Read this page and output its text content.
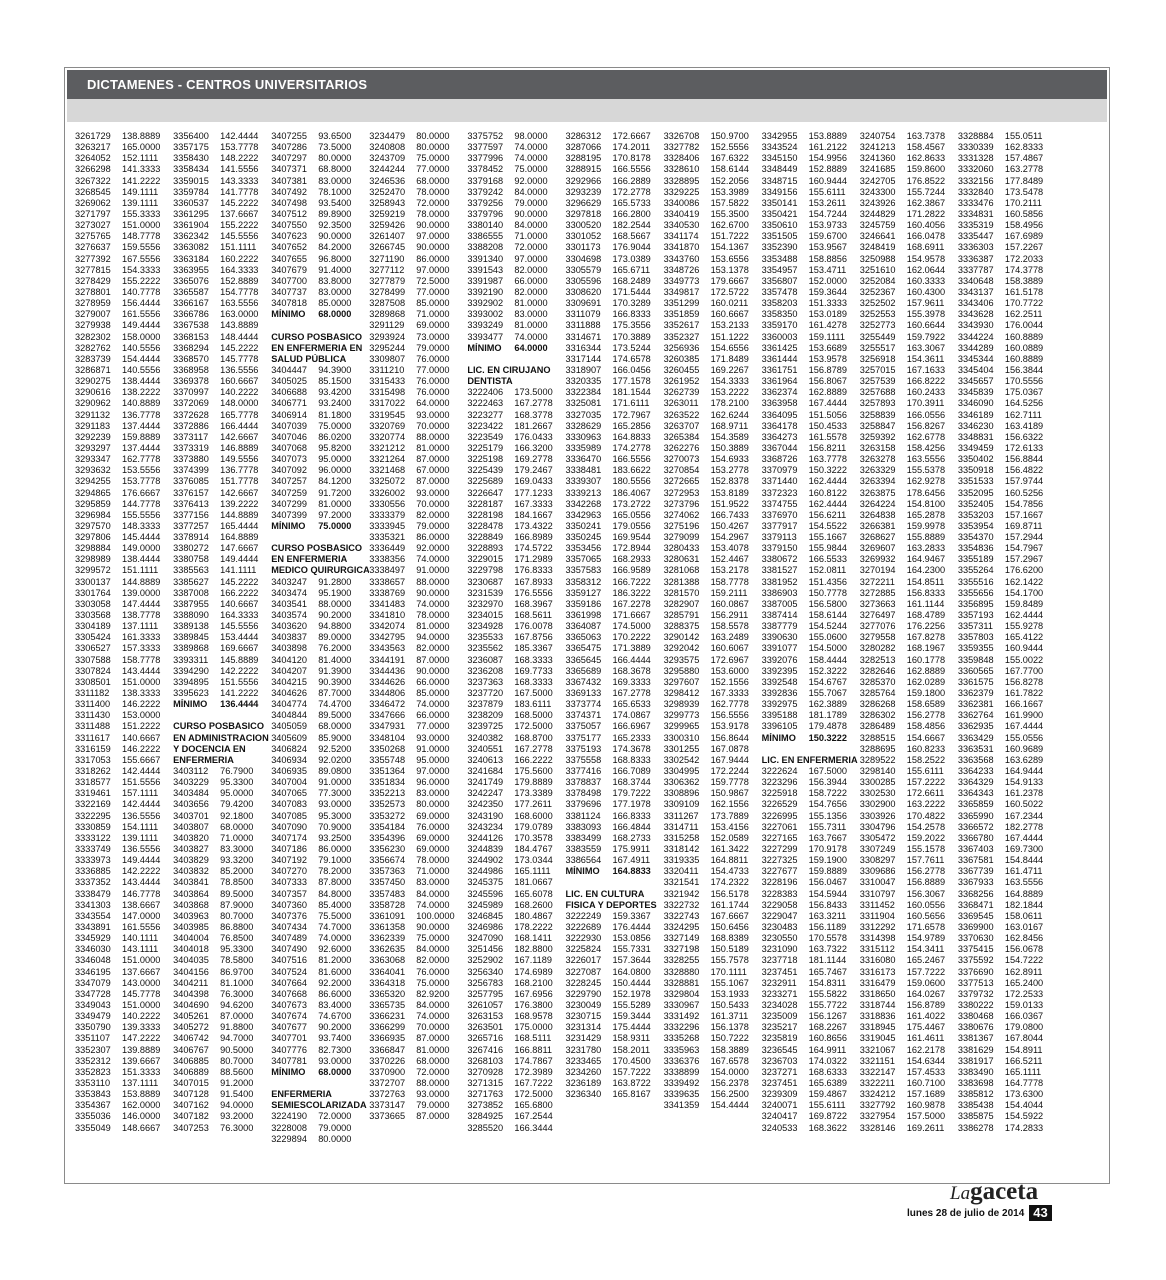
DICTAMENES - CENTROS UNIVERSITARIOS
3261729 138.8889
3263217 165.0000
3264052 152.1111
3266298 141.3333
3267322 141.2222
3268545 149.1111
3269062 139.1111
3271797 155.3333
3273027 151.0000
3275765 148.7778
3276637 159.5556
3277392 167.5556
3277815 154.3333
3278429 155.2222
3278801 140.7778
3278959 156.4444
3279007 161.5556
3279938 149.4444
3282302 158.0000
3282762 140.5556
3283739 154.4444
3286871 140.5556
3290275 138.4444
3290616 138.2222
3290962 140.8889
3291132 136.7778
3291183 137.4444
3292239 159.8889
3293297 137.4444
3293347 162.7778
3293632 153.5556
3294255 153.7778
3294865 176.6667
3295859 144.7778
3296984 155.5556
3297570 148.3333
3297806 145.4444
3298884 149.0000
3298989 138.4444
3299572 151.1111
3300137 144.8889
3301764 139.0000
3303058 147.4444
3303568 138.7778
3304189 137.1111
3305424 161.3333
3306527 157.3333
3307588 158.7778
3307824 143.4444
3308501 151.0000
3311182 138.3333
3311400 146.2222
3311430 153.0000
3311488 151.2222
3311617 140.6667
3316159 146.2222
3317053 155.6667
3318262 142.4444
3318577 151.5556
3319461 157.1111
3322169 142.4444
3322295 136.5556
3330859 154.1111
3333122 139.1111
3333749 136.5556
3333973 149.4444
3336885 142.2222
3337352 143.4444
3338479 146.7778
3341303 138.6667
3343554 147.0000
3343891 161.5556
3345929 140.1111
3346030 143.1111
3346048 151.0000
3346195 137.6667
3347079 143.0000
3347728 145.7778
3349043 151.0000
3349479 140.2222
3350790 139.3333
3351107 147.2222
3352307 139.8889
3352312 139.6667
3352823 151.3333
3353110 137.1111
3353843 153.8889
3354367 162.0000
3355036 146.0000
3355049 148.6667
3356400 142.4444
3357175 153.7778
3358430 148.2222
3358434 141.5556
3359015 143.3333
3359784 141.7778
3360537 145.2222
3361295 137.6667
3361904 155.2222
3362342 145.5556
3363082 151.1111
3363184 160.2222
3363955 164.3333
3365076 152.8889
3365587 154.7778
3366167 163.5556
3366786 163.0000
3367538 143.8889
3368153 148.4444
3368294 145.2222
3368570 145.7778
3368958 136.5556
3369378 160.6667
3370997 140.2222
3372069 148.0000
3372628 165.7778
3372886 166.4444
3373117 142.6667
3373319 146.8889
3373880 149.5556
3374399 136.7778
3376085 151.7778
3376157 142.6667
3376413 139.2222
3377156 144.8889
3377257 165.4444
3378914 164.8889
3380272 147.6667
3380758 149.4444
3385563 141.1111
3385627 145.2222
3387008 166.2222
3387955 140.6667
3388090 164.3333
3389138 145.5556
3389845 153.4444
3389868 169.6667
3393311 145.8889
3394290 142.2222
3394895 151.5556
3395623 141.2222
MÍNIMO 136.4444
CURSO POSBASICO
EN ADMINISTRACION
Y DOCENCIA EN
ENFERMERIA
3403112 76.7900
3403229 95.3300
3403484 95.0000
3403656 79.4200
3403701 92.1800
3403807 68.0000
3403820 71.0000
3403827 83.3000
3403829 93.3200
3403832 85.2000
3403841 78.8500
3403864 89.5000
3403868 87.9000
3403963 80.7000
3403985 86.8800
3404004 76.8500
3404018 95.3300
3404035 78.5800
3404156 86.9700
3404211 81.1000
3404398 76.3000
3404690 94.6200
3405261 87.0000
3405272 91.8800
3406742 94.7000
3406767 90.5000
3406885 80.7000
3406889 88.5600
3407015 91.2000
3407128 91.5400
3407162 94.0000
3407182 93.2000
3407253 76.3000
3407255 93.6500
3407286 73.5000
3407297 80.0000
3407371 68.8000
3407381 83.0000
3407492 78.1000
3407498 93.5400
3407512 89.8900
3407550 92.3500
3407623 90.0000
3407652 84.2000
3407655 96.8000
3407679 91.4000
3407700 83.8000
3407737 83.0000
3407818 85.0000
MÍNIMO 68.0000
CURSO POSBASICO
EN ENFERMERIA EN
SALUD PÚBLICA
3404447 94.3900
3405025 85.1500
3406688 93.4200
3406771 93.2400
3406914 81.1800
3407039 75.0000
3407046 86.0200
3407068 95.8200
3407073 95.0000
3407092 96.0000
3407257 84.1200
3407259 91.7200
3407299 81.0000
3407399 97.2000
MÍNIMO 75.0000
CURSO POSBASICO
EN ENFERMERIA
MEDICO QUIRURGICA
3403247 91.2800
3403474 95.1900
3403541 88.0000
3403574 90.2000
3403620 94.8800
3403837 89.0000
3403898 76.2000
3404120 81.4000
3404207 91.3900
3404215 90.3900
3404626 87.7000
3404774 74.4700
3404844 89.5000
3405059 68.0000
3405609 85.9000
3406824 92.5200
3406934 92.0200
3406935 89.0800
3407004 91.0000
3407065 77.3000
3407083 93.0000
3407085 95.3000
3407090 70.9000
3407174 93.2500
3407186 86.0000
3407192 79.1000
3407270 78.2000
3407333 87.8000
3407357 84.8000
3407360 85.4000
3407376 75.5000
3407434 74.7000
3407489 74.0000
3407490 92.6000
3407516 81.2000
3407524 81.6000
3407664 92.2000
3407668 86.6000
3407673 83.4000
3407674 74.6700
3407677 90.2000
3407701 93.7400
3407776 82.7300
3407781 93.0000
MÍNIMO 68.0000
ENFERMERIA
SEMIESCOLARIZADA
3224190 72.0000
3228008 79.0000
3229894 80.0000
3234479 80.0000
3240808 80.0000
3243709 75.0000
3244244 77.0000
3246536 68.0000
3252470 78.0000
3258943 72.0000
3259219 78.0000
3259426 90.0000
3261407 97.0000
3266745 90.0000
3271190 86.0000
3277112 97.0000
3277879 72.5000
3278499 77.0000
3287508 85.0000
3289868 71.0000
3291129 69.0000
3293924 73.0000
3295244 79.0000
3309807 76.0000
3311210 77.0000
3315433 76.0000
3315498 76.0000
3317022 64.0000
3319545 93.0000
3320769 70.0000
3320774 88.0000
3321212 81.0000
3321264 87.0000
3321468 67.0000
3325072 87.0000
3326002 93.0000
3330556 70.0000
3333379 82.0000
3333945 79.0000
3335321 86.0000
3336449 92.0000
3338356 74.0000
3338497 91.0000
3338657 88.0000
3338769 90.0000
3341483 74.0000
3341810 78.0000
3342074 81.0000
3342795 94.0000
3343563 82.0000
3344191 87.0000
3344436 90.0000
3344626 66.0000
3344806 85.0000
3346472 74.0000
3347666 66.0000
3347931 77.0000
3348104 93.0000
3350268 91.0000
3355748 95.0000
3351364 97.0000
3351834 96.0000
3352213 83.0000
3352573 80.0000
3353272 69.0000
3354184 76.0000
3354396 69.0000
3356230 69.0000
3356674 78.0000
3357363 71.0000
3357450 83.0000
3357483 84.0000
3358728 74.0000
3361091 100.0000
3361358 90.0000
3362339 75.0000
3362635 84.0000
3363068 82.0000
3364041 76.0000
3364318 75.0000
3365320 82.9200
3365735 84.0000
3366231 74.0000
3366299 70.0000
3366935 87.0000
3366847 81.0000
3370226 68.0000
3370900 72.0000
3372707 88.0000
3372763 93.0000
3373147 79.0000
3373665 87.0000
3375752 98.0000
3377597 74.0000
3377996 74.0000
3378452 75.0000
3379168 92.0000
3379242 84.0000
3379256 79.0000
3379796 90.0000
3380140 84.0000
3386555 71.0000
3388208 72.0000
3391340 97.0000
3391543 82.0000
3391987 66.0000
3392190 82.0000
3392902 81.0000
3393002 83.0000
3393249 81.0000
3393477 74.0000
MÍNIMO 64.0000
LIC. EN CIRUJANO
DENTISTA
3222406 173.5000
3222463 167.2778
3223277 168.3778
3223422 181.2667
3223549 176.0433
3225179 166.3200
3225198 169.2778
3225439 179.2467
3225689 169.0433
3226647 177.1233
3228187 167.3333
3228198 184.1667
3228478 173.4322
3228849 166.8989
3228893 174.5722
3229015 171.2989
3229798 176.8333
3230687 167.8933
3231539 176.5556
3232970 168.3967
3234015 168.5611
3234928 176.0078
3235533 167.8756
3235562 185.3367
3236087 168.3333
3236208 169.7733
3237363 168.3333
3237720 167.5000
3237879 183.6111
3238209 168.5000
3239725 172.5000
3240382 168.8700
3240551 167.2778
3240613 166.2222
3241684 175.5600
3241749 179.8889
3242247 173.3389
3242350 177.2611
3243190 168.6000
3243234 179.0789
3244126 170.3578
3244839 184.4767
3244902 173.0344
3244986 165.1111
3245375 181.0667
3245596 165.6078
3245989 168.2600
3246845 180.4867
3246986 178.2222
3247090 168.1411
3251456 182.8800
3252902 167.1189
3256340 174.6989
3256783 168.2100
3257795 167.6956
3261057 176.3800
3263153 168.9578
3263501 175.0000
3265716 168.5111
3267416 166.8811
3268103 174.7867
3270928 172.3989
3271315 167.7222
3271763 172.5000
3273852 165.6800
3284925 167.2544
3285520 166.3444
3286312 172.6667
3287066 174.2011
3288195 170.8178
3288915 166.5556
3292966 166.2889
3293239 172.2778
3296629 165.5733
3297818 166.2800
3300520 182.2544
3301052 168.5667
3301173 176.9044
3304698 173.0389
3305579 165.6711
3305596 168.2489
3308620 171.5444
3309691 170.3289
3311079 166.8333
3311888 175.3556
3314671 170.3889
3316344 173.5244
3317144 174.6578
3318907 166.0456
3320335 177.1578
3322384 181.1544
3325081 171.6111
3327035 172.7967
3328629 165.2856
3330963 164.8833
3335989 174.2778
3336470 166.5556
3338481 183.6622
3339307 180.5556
3339213 186.4067
3342268 173.2722
3342963 165.0556
3350241 179.0556
3350245 169.9544
3353456 172.8944
3357065 168.2933
3357583 166.9589
3358312 166.7222
3359127 186.3222
3359186 167.2278
3361998 171.6667
3364087 174.5000
3365063 170.2222
3365475 171.3889
3365645 166.4444
3365689 168.3678
3367432 169.3333
3369133 167.2778
3373774 165.6533
3374371 174.0867
3375057 166.6967
3375177 165.2333
3375193 174.3678
3375558 168.8333
3377416 166.7089
3378837 168.3744
3378498 179.7222
3379696 177.1978
3381124 166.8333
3383093 166.4844
3383499 168.2733
3383559 175.9911
3386564 167.4911
MÍNIMO 164.8833
LIC. EN CULTURA
FISICA Y DEPORTES
3222249 159.3367
3222689 176.4444
3222930 153.0856
3225824 155.7331
3226017 157.3644
3227087 164.0800
3228245 150.4444
3229790 152.1978
3230049 155.5289
3230715 159.3444
3231314 175.4444
3231429 158.9311
3231780 158.2011
3233465 170.4500
3234260 157.7222
3236189 163.8722
3236340 165.8167
3326708 150.9700
3327782 152.5556
3328406 167.6322
3328610 158.6144
3328895 152.2056
3329225 153.3989
3340086 157.5822
3340419 155.3500
3340530 162.6700
3341174 151.7222
3341870 154.1367
3343760 153.6556
3348726 153.1378
3349773 179.6667
3349817 172.5722
3351299 160.0211
3351859 160.6667
3352617 153.2133
3352327 151.1222
3256936 154.6556
3260385 171.8489
3260455 169.2267
3261952 154.3333
3262739 153.2222
3263011 178.2100
3263522 162.6244
3263707 168.9711
3265384 154.3589
3262276 150.3889
3270073 154.6933
3270854 153.2778
3272665 152.8378
3272953 153.8189
3273796 151.9522
3274062 166.7433
3275196 150.4267
3279099 154.2967
3280433 153.4078
3280631 152.4467
3281068 153.2178
3281388 158.7778
3281570 159.2111
3282907 160.0867
3285791 156.2911
3288375 158.5578
3290142 163.2489
3292042 160.6067
3293575 172.6967
3295880 153.6000
3297607 152.1556
3298412 167.3333
3298939 162.7778
3299773 156.5556
3299965 153.9178
3300310 156.8644
3301255 167.0878
3302542 167.9444
3304995 172.2244
3306362 159.7778
3308896 150.9867
3309109 162.1556
3311267 173.7889
3314711 153.4156
3315258 152.0589
3318142 161.3422
3319335 164.8811
3320411 154.4733
3321541 174.2322
3321942 156.5178
3322732 161.1744
3322743 167.6667
3324295 150.6456
3327149 168.8389
3327198 150.5189
3328255 155.7578
3328880 170.1111
3328881 155.1067
3329804 153.1933
3330967 150.5433
3331492 161.3711
3332296 156.1378
3335268 150.7222
3335963 158.3889
3336376 167.6578
3338899 154.0000
3339492 156.2378
3339635 156.2500
3341359 154.4444
3342955 153.8889
3343524 161.2122
3345150 154.9956
3348449 152.8889
3348715 160.9444
3349156 155.6111
3350141 153.2611
3350421 154.7244
3350610 153.9733
3351505 159.6700
3352390 153.9567
3353488 158.8856
3354957 153.4711
3356807 152.0000
3357478 159.3644
3358203 151.3333
3358350 153.0189
3359170 161.4278
3360003 159.1111
3361425 153.6689
3361444 153.9578
3361751 156.8789
3361964 156.8067
3362374 162.8889
3363958 167.4444
3364095 151.5056
3364178 150.4533
3364273 161.5578
3367044 156.8211
3368726 163.7778
3370979 150.3222
3371440 162.4444
3372323 160.8122
3374755 162.4444
3376970 156.6211
3377917 154.5522
3379113 155.1667
3379150 155.9844
3380672 166.5533
3381527 152.0811
3381952 151.4356
3386903 150.7778
3387005 156.5800
3387414 158.6144
3387779 154.5244
3390630 155.0600
3391077 154.5000
3392076 158.4444
3392395 152.3222
3392548 154.6767
3392836 155.7067
3392975 162.3889
3395188 181.1789
3396105 179.4878
MÍNIMO 150.3222
LIC. EN ENFERMERIA
3222624 167.5000
3223296 156.3944
3225918 158.7222
3226529 154.7656
3226995 155.1356
3227061 155.7311
3227165 163.7667
3227299 170.9178
3227325 159.1900
3227677 159.8889
3228196 156.0467
3228383 154.5944
3229058 156.8433
3229047 163.3211
3230483 156.1189
3230550 170.5578
3231090 163.7322
3237718 181.1144
3237451 165.7467
3232911 154.8311
3233271 155.5822
3234028 155.7722
3235009 156.1267
3235217 168.2267
3235819 160.8656
3236545 164.9911
3236703 174.0322
3237271 168.6333
3237451 165.6389
3239309 159.4867
3240071 155.6111
3240417 169.8722
3240533 168.3622
3240754 163.7378
3241213 158.4567
3241360 162.8633
3241685 159.8600
3242705 176.8522
3243300 155.7244
3243926 162.3867
3244829 171.2822
3245759 160.4056
3246641 166.0478
3248419 168.6911
3250988 154.9578
3251610 162.0644
3252084 160.3333
3252367 160.4300
3252502 157.9611
3252553 155.3978
3252773 160.6644
3255449 159.7922
3255517 163.3067
3256918 154.3611
3257015 167.1633
3257539 166.8222
3257688 160.2433
3257893 170.3911
3258839 166.0556
3258847 156.8267
3259392 162.6778
3263158 158.4256
3263278 163.5556
3263329 155.5378
3263394 162.9278
3263875 178.6456
3264224 154.8100
3264838 165.2878
3266381 159.9978
3268627 155.8889
3269607 163.2833
3269932 164.9467
3270194 164.2300
3272211 154.8511
3272885 156.8333
3273663 161.1144
3276497 168.4789
3277076 176.2256
3279558 167.8278
3280282 168.1967
3282513 160.1778
3282646 162.8889
3285370 162.0289
3285764 159.1800
3286268 158.6589
3286302 156.2778
3286489 158.4856
3288515 154.6667
3288695 160.8233
3289522 158.2522
3298140 155.6111
3300285 157.2222
3302530 172.6611
3302900 163.2222
3303926 170.4822
3304796 154.2578
3305472 159.2022
3307249 155.1578
3308297 157.7611
3309686 156.2778
3310047 156.8889
3310797 156.3067
3311452 160.0556
3311904 160.5656
3312292 171.6578
3314398 154.9789
3315112 154.3411
3316080 165.2467
3316173 157.7222
3316479 159.0600
3318650 164.0267
3318744 156.8789
3318836 161.4022
3318945 175.4467
3319045 161.4611
3321067 162.2178
3321151 154.6344
3322147 157.4533
3322211 160.7100
3324212 157.1689
3327792 160.9878
3327954 157.5000
3328146 169.2611
3328884 155.0511
3330339 162.8333
3331328 157.4867
3332060 163.2778
3332156 177.8489
3332840 173.5478
3333476 170.2111
3334831 160.5856
3335319 158.4956
3335447 167.6989
3336303 157.2267
3336387 172.2033
3337787 174.3778
3340648 158.3889
3343137 161.5178
3343406 170.7722
3343628 162.2511
3343930 176.0044
3344224 160.8889
3344289 160.0889
3345344 160.8889
3345404 156.3844
3345657 170.5556
3345839 175.0367
3346090 164.5256
3346189 162.7111
3346230 163.4189
3348831 156.6322
3349459 172.6133
3350402 156.8844
3350918 156.4822
3351533 157.9744
3352095 160.5256
3352405 154.7856
3353203 157.1667
3353954 169.8711
3354370 157.2944
3354836 154.7967
3355189 157.2967
3355264 176.6200
3355516 162.1422
3355656 154.1700
3356895 159.8489
3357193 162.4444
3357311 155.9278
3357803 165.4122
3359355 160.9444
3359848 155.0022
3360565 167.7700
3361575 156.8278
3362379 161.7822
3362381 166.1667
3362764 161.9900
3362935 167.4444
3363429 155.0556
3363531 160.9689
3363568 163.6289
3364233 164.9444
3364329 154.9133
3364343 161.2378
3365859 160.5022
3365990 167.2344
3366572 182.2778
3366780 167.4444
3367403 169.7300
3367581 154.8444
3367739 161.4711
3367933 163.5556
3368256 164.8889
3368471 182.1844
3369545 158.0611
3369900 163.0167
3370630 162.8456
3375415 156.0678
3375592 154.7222
3376690 162.8911
3377513 165.2400
3379732 172.2533
3380222 159.0133
3380468 166.0367
3380676 179.0800
3381367 167.8044
3381629 154.8911
3381917 166.5211
3383490 165.1111
3383698 164.7778
3385812 173.6300
3385438 154.4044
3385875 154.5922
3386278 174.2833
Lagaceta
lunes 28 de julio de 2014 43
